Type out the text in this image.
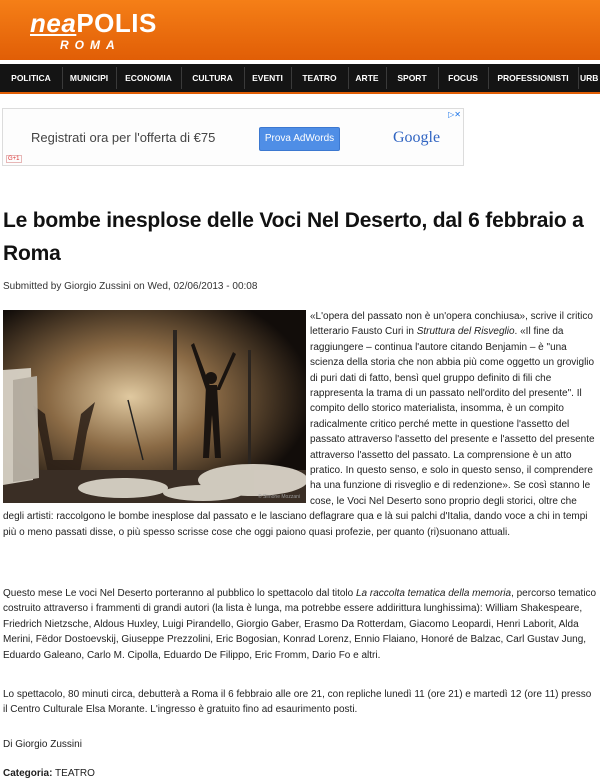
neaPOLIS
ROMA
POLITICA	MUNICIPI	ECONOMIA	CULTURA	EVENTI	TEATRO	ARTE	SPORT	FOCUS	PROFESSIONISTI	URB
Registrati ora per l'offerta di €75	Prova AdWords	Google
▷✕
G+1
Le bombe inesplose delle Voci Nel Deserto, dal 6 febbraio a Roma
Submitted by Giorgio Zussini on Wed, 02/06/2013 - 00:08
© Simone Mozzani

«L'opera del passato non è un'opera conchiusa», scrive il critico letterario Fausto Curi in Struttura del Risveglio. «Il fine da raggiungere – continua l'autore citando Benjamin – è "una scienza della storia che non abbia più come oggetto un groviglio di puri dati di fatto, bensì quel gruppo definito di fili che rappresenta la trama di un passato nell'ordito del presente". Il compito dello storico materialista, insomma, è un compito radicalmente critico perché mette in questione l'assetto del passato attraverso l'assetto del presente e l'assetto del presente attraverso l'assetto del passato. La comprensione è un atto pratico. In questo senso, e solo in questo senso, il comprendere ha una funzione di risveglio e di redenzione». Se così stanno le cose, le Voci Nel Deserto sono proprio degli storici, oltre che degli artisti: raccolgono le bombe inesplose dal passato e le lasciano deflagrare qua e là sui palchi d'Italia, dando voce a chi in tempi più o meno passati disse, o più spesso scrisse cose che oggi paiono quasi profezie, per quanto (ri)suonano attuali.

Questo mese Le voci Nel Deserto porteranno al pubblico lo spettacolo dal titolo La raccolta tematica della memoria, percorso tematico costruito attraverso i frammenti di grandi autori (la lista è lunga, ma potrebbe essere addirittura lunghissima): William Shakespeare, Friedrich Nietzsche, Aldous Huxley, Luigi Pirandello, Giorgio Gaber, Erasmo Da Rotterdam, Giacomo Leopardi, Henri Laborit, Alda Merini, Fëdor Dostoevskij, Giuseppe Prezzolini, Eric Bogosian, Konrad Lorenz, Ennio Flaiano, Honoré de Balzac, Carl Gustav Jung, Eduardo Galeano, Carlo M. Cipolla, Eduardo De Filippo, Eric Fromm, Dario Fo e altri.

Lo spettacolo, 80 minuti circa, debutterà a Roma il 6 febbraio alle ore 21, con repliche lunedì 11 (ore 21) e martedì 12 (ore 11) presso il Centro Culturale Elsa Morante. L'ingresso è gratuito fino ad esaurimento posti.

Di Giorgio Zussini
Categoria: TEATRO
